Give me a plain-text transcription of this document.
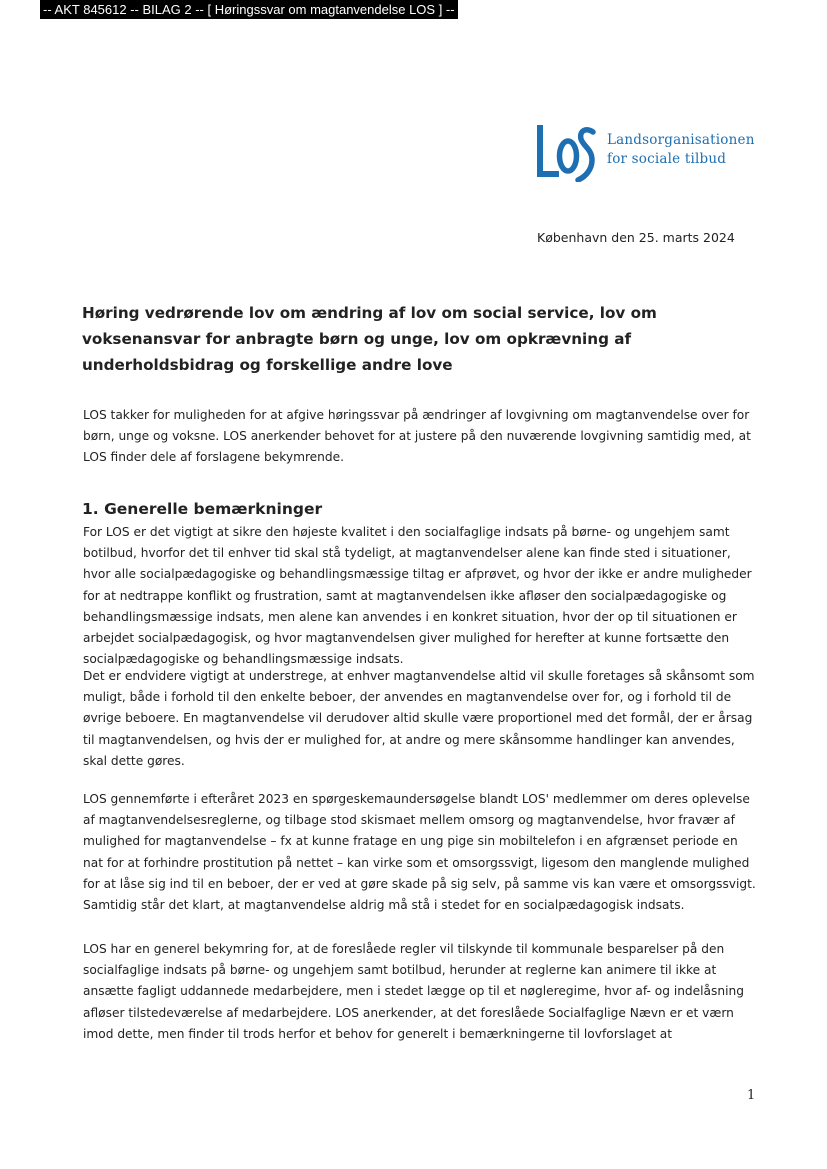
-- AKT 845612 -- BILAG 2 -- [ Høringssvar om magtanvendelse LOS ] --
Landsorganisationen
for sociale tilbud
København den 25. marts 2024
Høring vedrørende lov om ændring af lov om social service, lov om voksenansvar for anbragte børn og unge, lov om opkrævning af underholdsbidrag og forskellige andre love

LOS takker for muligheden for at afgive høringssvar på ændringer af lovgivning om magtanvendelse over for børn, unge og voksne. LOS anerkender behovet for at justere på den nuværende lovgivning samtidig med, at LOS finder dele af forslagene bekymrende.

1. Generelle bemærkninger

For LOS er det vigtigt at sikre den højeste kvalitet i den socialfaglige indsats på børne- og ungehjem samt botilbud, hvorfor det til enhver tid skal stå tydeligt, at magtanvendelser alene kan finde sted i situationer, hvor alle socialpædagogiske og behandlingsmæssige tiltag er afprøvet, og hvor der ikke er andre muligheder for at nedtrappe konflikt og frustration, samt at magtanvendelsen ikke afløser den socialpædagogiske og behandlingsmæssige indsats, men alene kan anvendes i en konkret situation, hvor der op til situationen er arbejdet socialpædagogisk, og hvor magtanvendelsen giver mulighed for herefter at kunne fortsætte den socialpædagogiske og behandlingsmæssige indsats.

Det er endvidere vigtigt at understrege, at enhver magtanvendelse altid vil skulle foretages så skånsomt som muligt, både i forhold til den enkelte beboer, der anvendes en magtanvendelse over for, og i forhold til de øvrige beboere. En magtanvendelse vil derudover altid skulle være proportionel med det formål, der er årsag til magtanvendelsen, og hvis der er mulighed for, at andre og mere skånsomme handlinger kan anvendes, skal dette gøres.

LOS gennemførte i efteråret 2023 en spørgeskemaundersøgelse blandt LOS' medlemmer om deres oplevelse af magtanvendelsesreglerne, og tilbage stod skismaet mellem omsorg og magtanvendelse, hvor fravær af mulighed for magtanvendelse – fx at kunne fratage en ung pige sin mobiltelefon i en afgrænset periode en nat for at forhindre prostitution på nettet – kan virke som et omsorgssvigt, ligesom den manglende mulighed for at låse sig ind til en beboer, der er ved at gøre skade på sig selv, på samme vis kan være et omsorgssvigt. Samtidig står det klart, at magtanvendelse aldrig må stå i stedet for en socialpædagogisk indsats.

LOS har en generel bekymring for, at de foreslåede regler vil tilskynde til kommunale besparelser på den socialfaglige indsats på børne- og ungehjem samt botilbud, herunder at reglerne kan animere til ikke at ansætte fagligt uddannede medarbejdere, men i stedet lægge op til et nøgleregime, hvor af- og indelåsning afløser tilstedeværelse af medarbejdere. LOS anerkender, at det foreslåede Socialfaglige Nævn er et værn imod dette, men finder til trods herfor et behov for generelt i bemærkningerne til lovforslaget at

1
